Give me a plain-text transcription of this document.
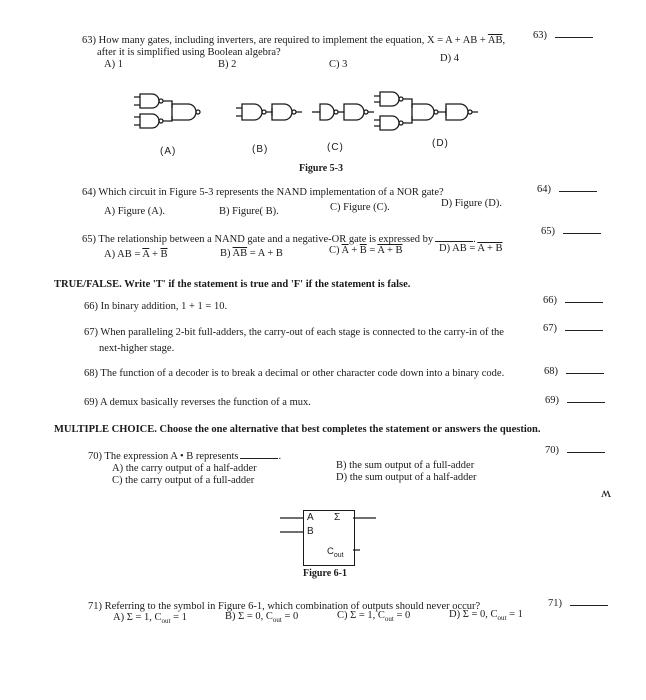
63) How many gates, including inverters, are required to implement the equation, X = A + AB + $\overline{AB}$,	63)
after it is simplified using Boolean algebra?
A) 1	B) 2	C) 3
D) 4
(A)	(B)	(C)	(D)
Figure 5-3
64) Which circuit in Figure 5-3 represents the NAND implementation of a NOR gate?	64)
A) Figure (A).	B) Figure( B).	C) Figure (C).	D) Figure (D).
65) The relationship between a NAND gate and a negative-OR gate is expressed by	.
65)
A) AB = $\overline{A} + \overline{B}$	B) $\overline{AB} = A + B$	C) $\overline{A} + \overline{B} = A + B$	D) AB = A + B
TRUE/FALSE. Write 'T' if the statement is true and 'F' if the statement is false.
66) In binary addition, 1 + 1 = 10.
66)
67) When paralleling 2-bit full-adders, the carry-out of each stage is connected to the carry-in of the
next-higher stage.
67)
68) The function of a decoder is to break a decimal or other character code down into a binary code.	68)
69) A demux basically reverses the function of a mux.	69)
MULTIPLE CHOICE. Choose the one alternative that best completes the statement or answers the question.
70) The expression A • B represents	.
70)
A) the carry output of a half-adder	B) the sum output of a full-adder
C) the carry output of a full-adder	D) the sum output of a half-adder
ʍ
A
B
Σ
$C_{out}$
Figure 6-1
71) Referring to the symbol in Figure 6-1, which combination of outputs should never occur?	71)
A) Σ = 1, $C_{out} = 1$	B) Σ = 0, $C_{out} = 0$	C) Σ = 1, $C_{out} = 0$	D) Σ = 0, $C_{out} = 1$
